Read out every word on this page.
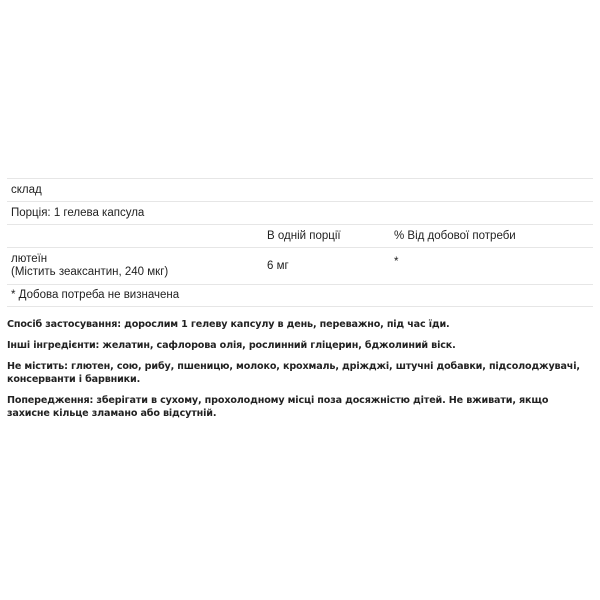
склад
Порція: 1 гелева капсула
В одній порції	% Від добової потреби
лютеїн
(Містить зеаксантин, 240 мкг)
6 мг	*
* Добова потреба не визначена

Спосіб застосування: дорослим 1 гелеву капсулу в день, переважно, під час їди.

Інші інгредієнти: желатин, сафлорова олія, рослинний гліцерин, бджолиний віск.

Не містить: глютен, сою, рибу, пшеницю, молоко, крохмаль, дріжджі, штучні добавки, підсолоджувачі, консерванти і барвники.

Попередження: зберігати в сухому, прохолодному місці поза досяжністю дітей. Не вживати, якщо захисне кільце зламано або відсутній.
